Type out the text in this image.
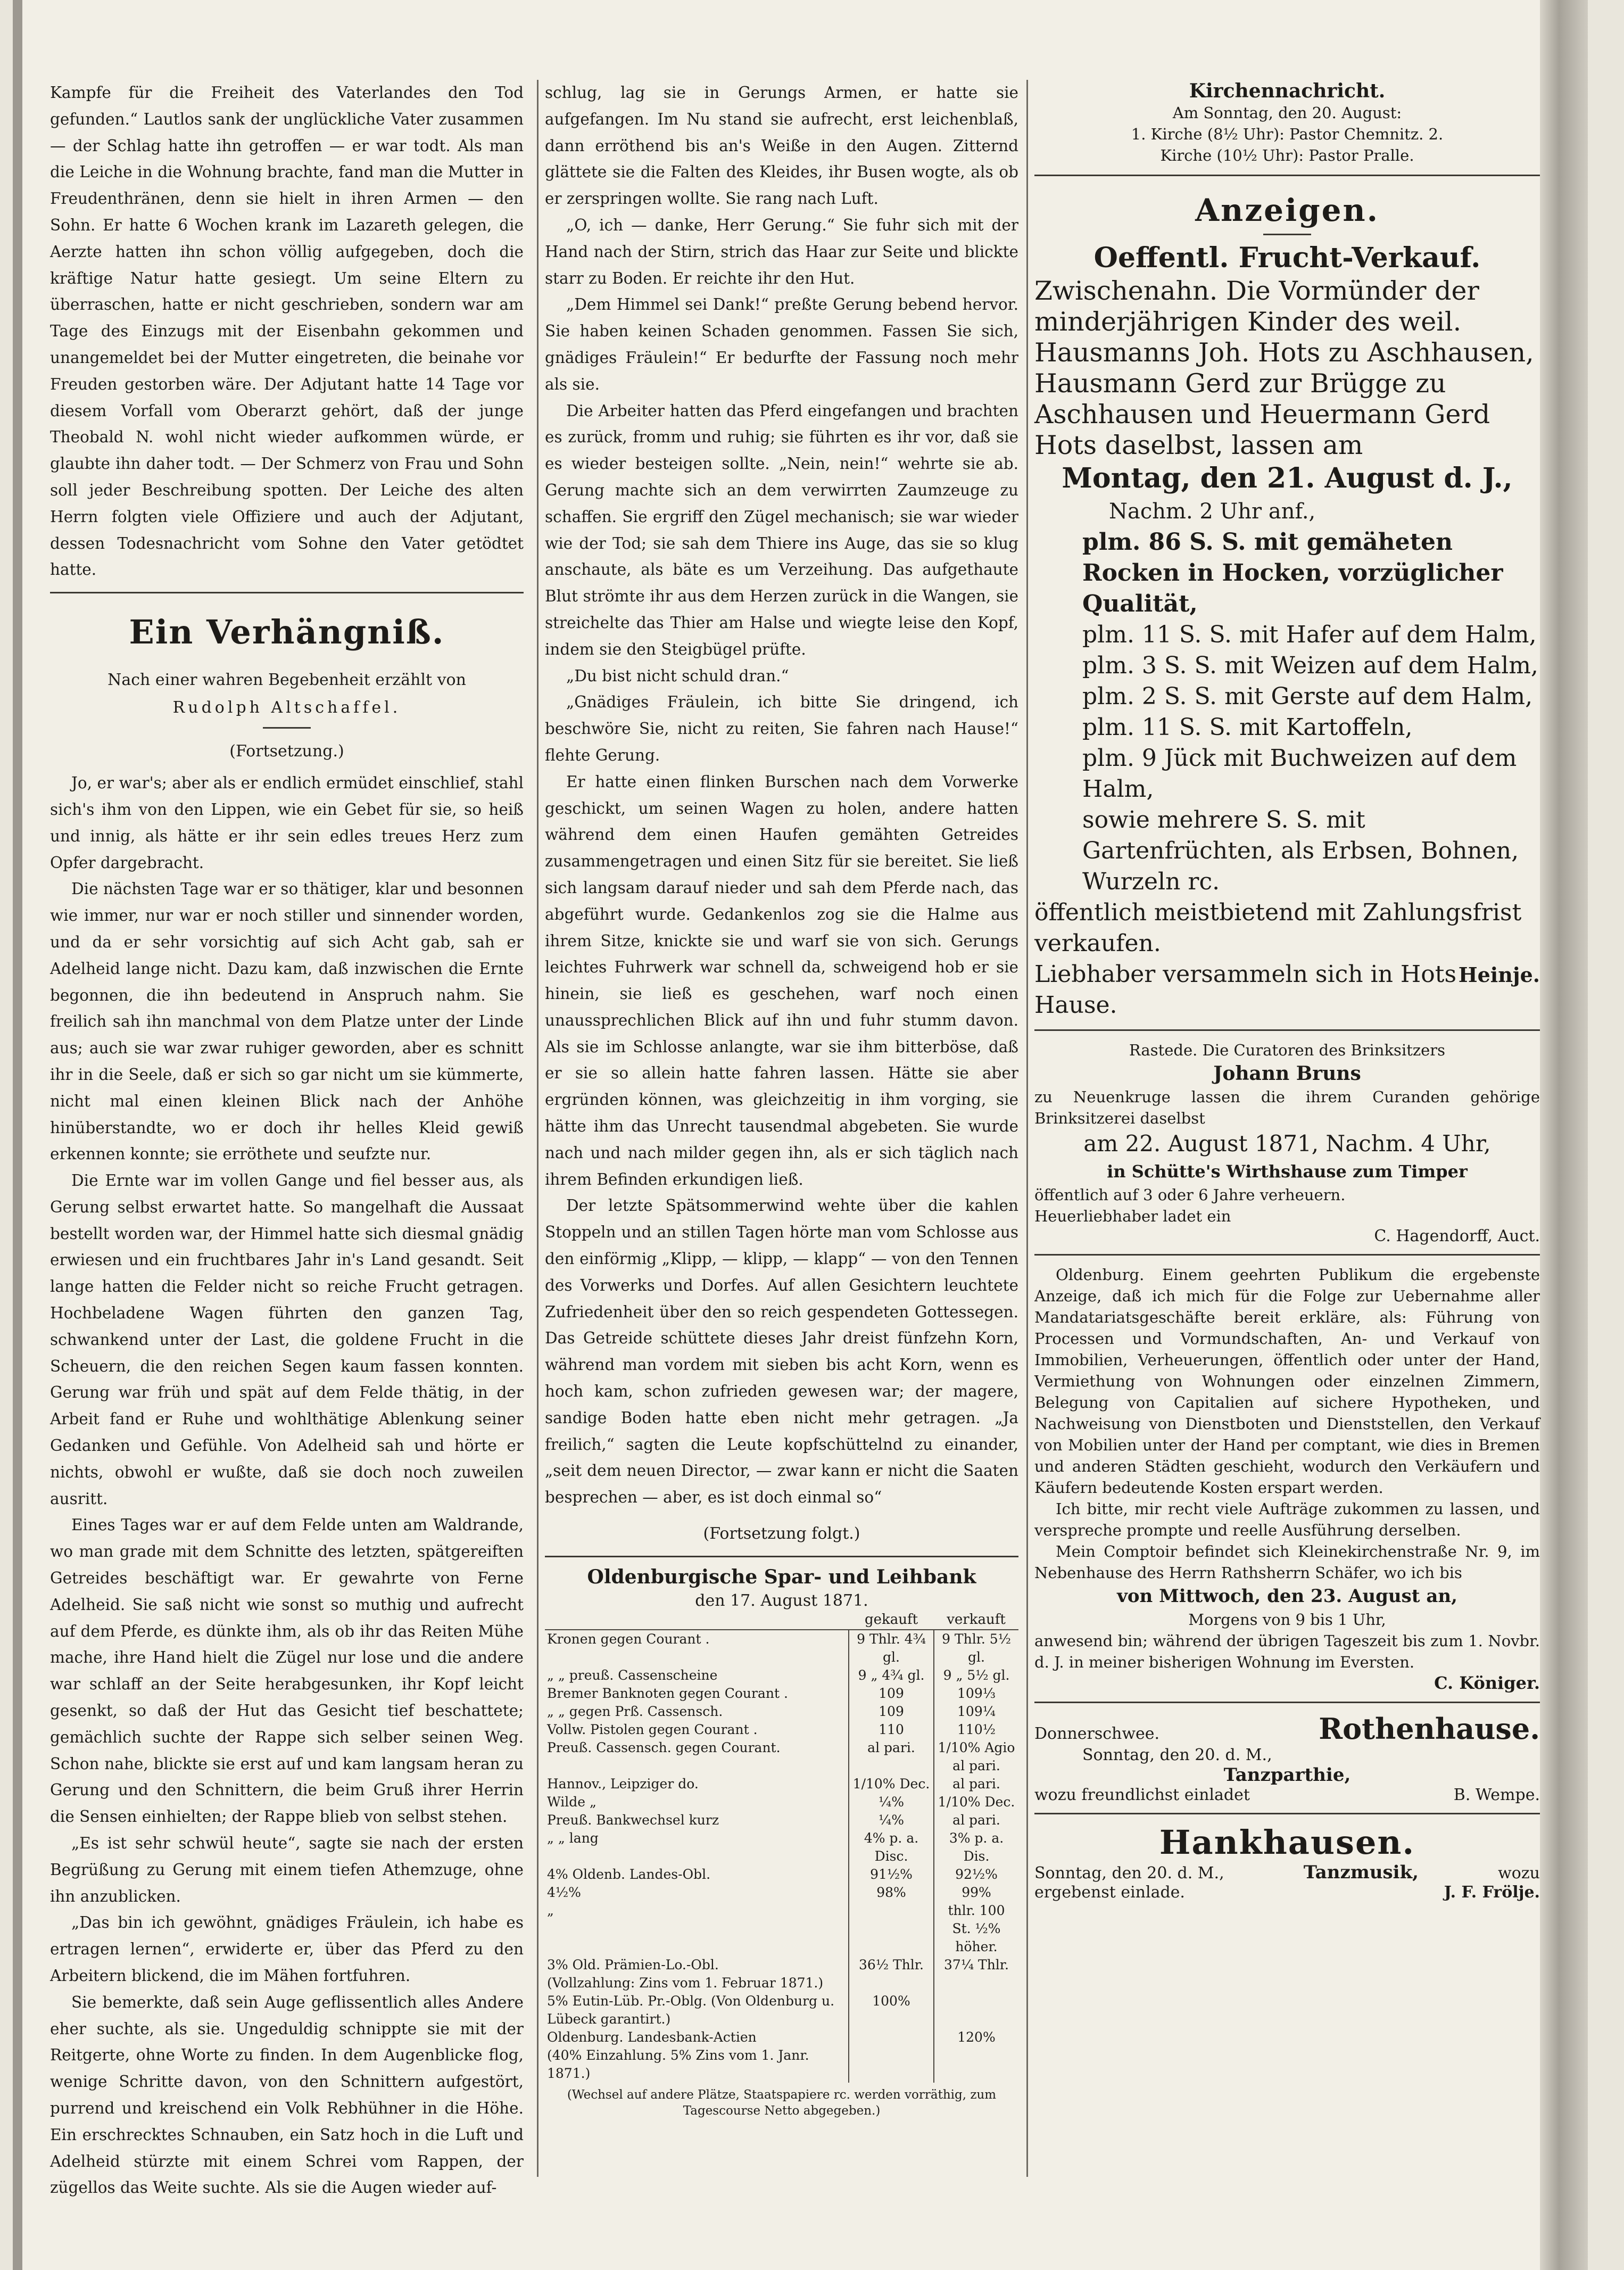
Kampfe für die Freiheit des Vaterlandes den Tod gefunden.“ Lautlos sank der unglückliche Vater zusammen — der Schlag hatte ihn getroffen — er war todt. Als man die Leiche in die Wohnung brachte, fand man die Mutter in Freudenthränen, denn sie hielt in ihren Armen — den Sohn. Er hatte 6 Wochen krank im Lazareth gelegen, die Aerzte hatten ihn schon völlig aufgegeben, doch die kräftige Natur hatte gesiegt. Um seine Eltern zu überraschen, hatte er nicht geschrieben, sondern war am Tage des Einzugs mit der Eisenbahn gekommen und unangemeldet bei der Mutter eingetreten, die beinahe vor Freuden gestorben wäre. Der Adjutant hatte 14 Tage vor diesem Vorfall vom Oberarzt gehört, daß der junge Theobald N. wohl nicht wieder aufkommen würde, er glaubte ihn daher todt. — Der Schmerz von Frau und Sohn soll jeder Beschreibung spotten. Der Leiche des alten Herrn folgten viele Offiziere und auch der Adjutant, dessen Todesnachricht vom Sohne den Vater getödtet hatte.

Ein Verhängniß.
Nach einer wahren Begebenheit erzählt von
Rudolph Altschaffel.
(Fortsetzung.)

Jo, er war's; aber als er endlich ermüdet einschlief, stahl sich's ihm von den Lippen, wie ein Gebet für sie, so heiß und innig, als hätte er ihr sein edles treues Herz zum Opfer dargebracht.

Die nächsten Tage war er so thätiger, klar und besonnen wie immer, nur war er noch stiller und sinnender worden, und da er sehr vorsichtig auf sich Acht gab, sah er Adelheid lange nicht. Dazu kam, daß inzwischen die Ernte begonnen, die ihn bedeutend in Anspruch nahm. Sie freilich sah ihn manchmal von dem Platze unter der Linde aus; auch sie war zwar ruhiger geworden, aber es schnitt ihr in die Seele, daß er sich so gar nicht um sie kümmerte, nicht mal einen kleinen Blick nach der Anhöhe hinüberstandte, wo er doch ihr helles Kleid gewiß erkennen konnte; sie erröthete und seufzte nur.

Die Ernte war im vollen Gange und fiel besser aus, als Gerung selbst erwartet hatte. So mangelhaft die Aussaat bestellt worden war, der Himmel hatte sich diesmal gnädig erwiesen und ein fruchtbares Jahr in's Land gesandt. Seit lange hatten die Felder nicht so reiche Frucht getragen. Hochbeladene Wagen führten den ganzen Tag, schwankend unter der Last, die goldene Frucht in die Scheuern, die den reichen Segen kaum fassen konnten. Gerung war früh und spät auf dem Felde thätig, in der Arbeit fand er Ruhe und wohlthätige Ablenkung seiner Gedanken und Gefühle. Von Adelheid sah und hörte er nichts, obwohl er wußte, daß sie doch noch zuweilen ausritt.

Eines Tages war er auf dem Felde unten am Waldrande, wo man grade mit dem Schnitte des letzten, spätgereiften Getreides beschäftigt war. Er gewahrte von Ferne Adelheid. Sie saß nicht wie sonst so muthig und aufrecht auf dem Pferde, es dünkte ihm, als ob ihr das Reiten Mühe mache, ihre Hand hielt die Zügel nur lose und die andere war schlaff an der Seite herabgesunken, ihr Kopf leicht gesenkt, so daß der Hut das Gesicht tief beschattete; gemächlich suchte der Rappe sich selber seinen Weg. Schon nahe, blickte sie erst auf und kam langsam heran zu Gerung und den Schnittern, die beim Gruß ihrer Herrin die Sensen einhielten; der Rappe blieb von selbst stehen.

„Es ist sehr schwül heute“, sagte sie nach der ersten Begrüßung zu Gerung mit einem tiefen Athemzuge, ohne ihn anzublicken.

„Das bin ich gewöhnt, gnädiges Fräulein, ich habe es ertragen lernen“, erwiderte er, über das Pferd zu den Arbeitern blickend, die im Mähen fortfuhren.

Sie bemerkte, daß sein Auge geflissentlich alles Andere eher suchte, als sie. Ungeduldig schnippte sie mit der Reitgerte, ohne Worte zu finden. In dem Augenblicke flog, wenige Schritte davon, von den Schnittern aufgestört, purrend und kreischend ein Volk Rebhühner in die Höhe. Ein erschrecktes Schnauben, ein Satz hoch in die Luft und Adelheid stürzte mit einem Schrei vom Rappen, der zügellos das Weite suchte. Als sie die Augen wieder auf-

schlug, lag sie in Gerungs Armen, er hatte sie aufgefangen. Im Nu stand sie aufrecht, erst leichenblaß, dann erröthend bis an's Weiße in den Augen. Zitternd glättete sie die Falten des Kleides, ihr Busen wogte, als ob er zerspringen wollte. Sie rang nach Luft.

„O, ich — danke, Herr Gerung.“ Sie fuhr sich mit der Hand nach der Stirn, strich das Haar zur Seite und blickte starr zu Boden. Er reichte ihr den Hut.

„Dem Himmel sei Dank!“ preßte Gerung bebend hervor. Sie haben keinen Schaden genommen. Fassen Sie sich, gnädiges Fräulein!“ Er bedurfte der Fassung noch mehr als sie.

Die Arbeiter hatten das Pferd eingefangen und brachten es zurück, fromm und ruhig; sie führten es ihr vor, daß sie es wieder besteigen sollte. „Nein, nein!“ wehrte sie ab. Gerung machte sich an dem verwirrten Zaumzeuge zu schaffen. Sie ergriff den Zügel mechanisch; sie war wieder wie der Tod; sie sah dem Thiere ins Auge, das sie so klug anschaute, als bäte es um Verzeihung. Das aufgethaute Blut strömte ihr aus dem Herzen zurück in die Wangen, sie streichelte das Thier am Halse und wiegte leise den Kopf, indem sie den Steigbügel prüfte.

„Du bist nicht schuld dran.“

„Gnädiges Fräulein, ich bitte Sie dringend, ich beschwöre Sie, nicht zu reiten, Sie fahren nach Hause!“ flehte Gerung.

Er hatte einen flinken Burschen nach dem Vorwerke geschickt, um seinen Wagen zu holen, andere hatten während dem einen Haufen gemähten Getreides zusammengetragen und einen Sitz für sie bereitet. Sie ließ sich langsam darauf nieder und sah dem Pferde nach, das abgeführt wurde. Gedankenlos zog sie die Halme aus ihrem Sitze, knickte sie und warf sie von sich. Gerungs leichtes Fuhrwerk war schnell da, schweigend hob er sie hinein, sie ließ es geschehen, warf noch einen unaussprechlichen Blick auf ihn und fuhr stumm davon. Als sie im Schlosse anlangte, war sie ihm bitterböse, daß er sie so allein hatte fahren lassen. Hätte sie aber ergründen können, was gleichzeitig in ihm vorging, sie hätte ihm das Unrecht tausendmal abgebeten. Sie wurde nach und nach milder gegen ihn, als er sich täglich nach ihrem Befinden erkundigen ließ.

Der letzte Spätsommerwind wehte über die kahlen Stoppeln und an stillen Tagen hörte man vom Schlosse aus den einförmig „Klipp, — klipp, — klapp“ — von den Tennen des Vorwerks und Dorfes. Auf allen Gesichtern leuchtete Zufriedenheit über den so reich gespendeten Gottessegen. Das Getreide schüttete dieses Jahr dreist fünfzehn Korn, während man vordem mit sieben bis acht Korn, wenn es hoch kam, schon zufrieden gewesen war; der magere, sandige Boden hatte eben nicht mehr getragen. „Ja freilich,“ sagten die Leute kopfschüttelnd zu einander, „seit dem neuen Director, — zwar kann er nicht die Saaten besprechen — aber, es ist doch einmal so“

(Fortsetzung folgt.)
Oldenburgische Spar- und Leihbank
den 17. August 1871.
	gekauft	verkauft
Kronen gegen Courant .	9 Thlr. 4¾ gl.	9 Thlr. 5½ gl.
„ „ preuß. Cassenscheine	9 „ 4¾ gl.	9 „ 5½ gl.
Bremer Banknoten gegen Courant .	109	109⅓
„ „ gegen Prß. Cassensch.	109	109¼
Vollw. Pistolen gegen Courant .	110	110½
Preuß. Cassensch. gegen Courant.	al pari.	1/10% Agio al pari.
Hannov., Leipziger do.	1/10% Dec.	al pari.
Wilde „	¼%	1/10% Dec.
Preuß. Bankwechsel kurz	¼%	al pari.
„ „ lang	4% p. a. Disc.	3% p. a. Dis.
4% Oldenb. Landes-Obl.	91½%	92½%
4½%	98%	99%
„		thlr. 100 St. ½% höher.
3% Old. Prämien-Lo.-Obl.	36½ Thlr.	37¼ Thlr.
(Vollzahlung: Zins vom 1. Februar 1871.)		
5% Eutin-Lüb. Pr.-Oblg. (Von Oldenburg u. Lübeck garantirt.)	100%	
Oldenburg. Landesbank-Actien		120%
(40% Einzahlung. 5% Zins vom 1. Janr. 1871.)		
(Wechsel auf andere Plätze, Staatspapiere rc. werden vorräthig, zum Tagescourse Netto abgegeben.)
Kirchennachricht.
Am Sonntag, den 20. August:
1. Kirche (8½ Uhr): Pastor Chemnitz. 2.
Kirche (10½ Uhr): Pastor Pralle.
Anzeigen.
Oeffentl. Frucht-Verkauf.

Zwischenahn. Die Vormünder der minderjährigen Kinder des weil. Hausmanns Joh. Hots zu Aschhausen, Hausmann Gerd zur Brügge zu Aschhausen und Heuermann Gerd Hots daselbst, lassen am

Montag, den 21. August d. J.,
Nachm. 2 Uhr anf.,
plm. 86 S. S. mit gemäheten Rocken in Hocken, vorzüglicher Qualität,
plm. 11 S. S. mit Hafer auf dem Halm,
plm. 3 S. S. mit Weizen auf dem Halm,
plm. 2 S. S. mit Gerste auf dem Halm,
plm. 11 S. S. mit Kartoffeln,
plm. 9 Jück mit Buchweizen auf dem Halm,
sowie mehrere S. S. mit Gartenfrüchten, als Erbsen, Bohnen, Wurzeln rc.
öffentlich meistbietend mit Zahlungsfrist verkaufen.
Liebhaber versammeln sich in Hots Hause.
Heinje.

Rastede. Die Curatoren des Brinksitzers

Johann Bruns

zu Neuenkruge lassen die ihrem Curanden gehörige Brinksitzerei daselbst

am 22. August 1871, Nachm. 4 Uhr,
in Schütte's Wirthshause zum Timper

öffentlich auf 3 oder 6 Jahre verheuern.

Heuerliebhaber ladet ein

C. Hagendorff, Auct.

Oldenburg. Einem geehrten Publikum die ergebenste Anzeige, daß ich mich für die Folge zur Uebernahme aller Mandatariatsgeschäfte bereit erkläre, als: Führung von Processen und Vormundschaften, An- und Verkauf von Immobilien, Verheuerungen, öffentlich oder unter der Hand, Vermiethung von Wohnungen oder einzelnen Zimmern, Belegung von Capitalien auf sichere Hypotheken, und Nachweisung von Dienstboten und Dienststellen, den Verkauf von Mobilien unter der Hand per comptant, wie dies in Bremen und anderen Städten geschieht, wodurch den Verkäufern und Käufern bedeutende Kosten erspart werden.

Ich bitte, mir recht viele Aufträge zukommen zu lassen, und verspreche prompte und reelle Ausführung derselben.

Mein Comptoir befindet sich Kleinekirchenstraße Nr. 9, im Nebenhause des Herrn Rathsherrn Schäfer, wo ich bis

von Mittwoch, den 23. August an,

Morgens von 9 bis 1 Uhr,

anwesend bin; während der übrigen Tageszeit bis zum 1. Novbr. d. J. in meiner bisherigen Wohnung im Eversten.

C. Königer.
Donnerschwee.	Rothenhause.
Sonntag, den 20. d. M.,
Tanzparthie,
wozu freundlichst einladet	B. Wempe.
Hankhausen.
Sonntag, den 20. d. M.,	Tanzmusik,	wozu
ergebenst einlade.	J. F. Frölje.
